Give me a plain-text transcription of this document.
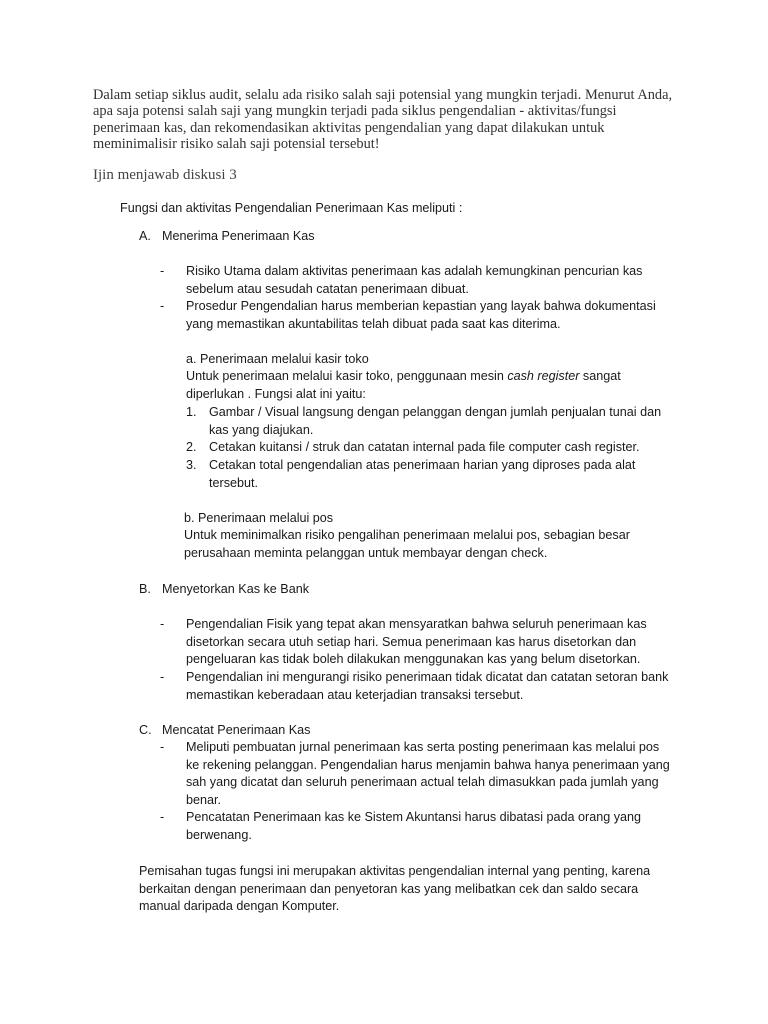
Dalam setiap siklus audit, selalu ada risiko salah saji potensial yang mungkin terjadi. Menurut Anda, apa saja potensi salah saji yang mungkin terjadi pada siklus pengendalian - aktivitas/fungsi penerimaan kas, dan rekomendasikan aktivitas pengendalian yang dapat dilakukan untuk meminimalisir risiko salah saji potensial tersebut!
Ijin menjawab diskusi 3
Fungsi dan aktivitas Pengendalian Penerimaan Kas meliputi :
A. Menerima Penerimaan Kas
- Risiko Utama dalam aktivitas penerimaan kas adalah kemungkinan pencurian kas sebelum atau sesudah catatan penerimaan dibuat.
- Prosedur Pengendalian harus memberian kepastian yang layak bahwa dokumentasi yang memastikan akuntabilitas telah dibuat pada saat kas diterima.
a. Penerimaan melalui kasir toko
Untuk penerimaan melalui kasir toko, penggunaan mesin cash register sangat diperlukan . Fungsi alat ini yaitu:
1. Gambar / Visual langsung dengan pelanggan dengan jumlah penjualan tunai dan kas yang diajukan.
2. Cetakan kuitansi / struk dan catatan internal pada file computer cash register.
3. Cetakan total pengendalian atas penerimaan harian yang diproses pada alat tersebut.
b. Penerimaan melalui pos
Untuk meminimalkan risiko pengalihan penerimaan melalui pos, sebagian besar perusahaan meminta pelanggan untuk membayar dengan check.
B. Menyetorkan Kas ke Bank
- Pengendalian Fisik yang tepat akan mensyaratkan bahwa seluruh penerimaan kas disetorkan secara utuh setiap hari. Semua penerimaan kas harus disetorkan dan pengeluaran kas tidak boleh dilakukan menggunakan kas yang belum disetorkan.
- Pengendalian ini mengurangi risiko penerimaan tidak dicatat dan catatan setoran bank memastikan keberadaan atau keterjadian transaksi tersebut.
C. Mencatat Penerimaan Kas
- Meliputi pembuatan jurnal penerimaan kas serta posting penerimaan kas melalui pos ke rekening pelanggan. Pengendalian harus menjamin bahwa hanya penerimaan yang sah yang dicatat dan seluruh penerimaan actual telah dimasukkan pada jumlah yang benar.
- Pencatatan Penerimaan kas ke Sistem Akuntansi harus dibatasi pada orang yang berwenang.
Pemisahan tugas fungsi ini merupakan aktivitas pengendalian internal yang penting, karena berkaitan dengan penerimaan dan penyetoran kas yang melibatkan cek dan saldo secara manual daripada dengan Komputer.
